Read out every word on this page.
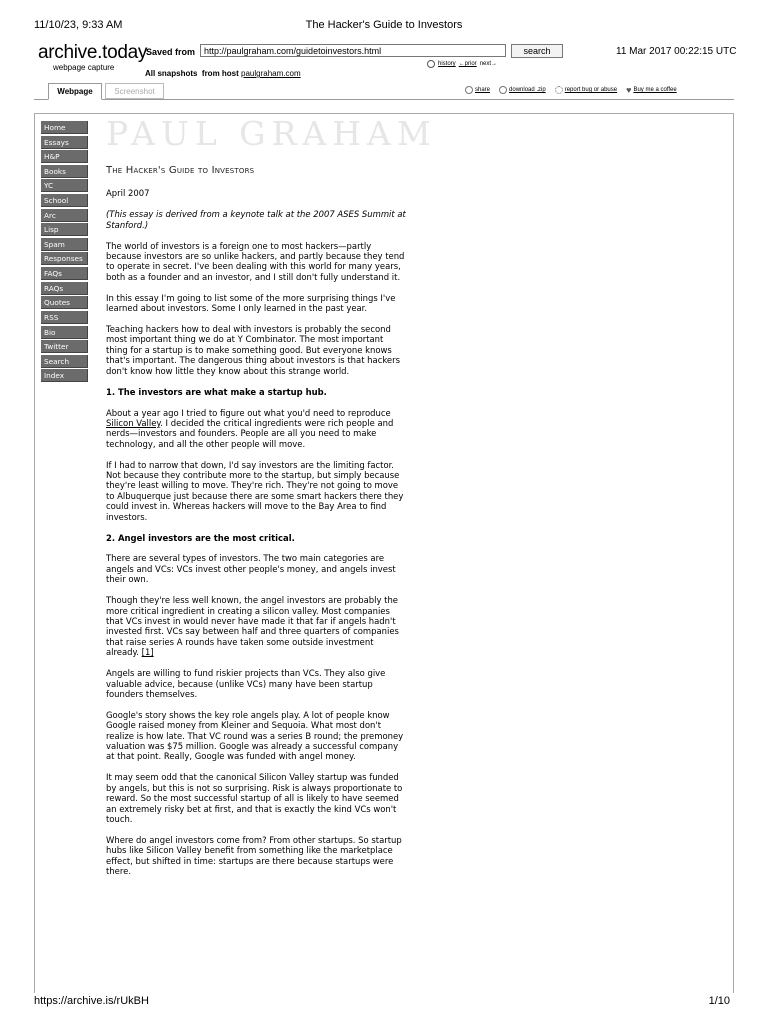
11/10/23, 9:33 AM	The Hacker's Guide to Investors
archive.today
webpage capture
Saved from
http://paulgraham.com/guidetoinvestors.html	search	11 Mar 2017 00:22:15 UTC
All snapshots from host paulgraham.com
history ←prior next→
Webpage	Screenshot	share	download .zip	report bug or abuse ♥ Buy me a coffee
Home
Essays
H&P
Books
YC
School
Arc
Lisp
Spam
Responses
FAQs
RAQs
Quotes
RSS
Bio
Twitter
Search
Index
PAUL GRAHAM
The Hacker's Guide to Investors

April 2007

(This essay is derived from a keynote talk at the 2007 ASES Summit at Stanford.)

The world of investors is a foreign one to most hackers—partly because investors are so unlike hackers, and partly because they tend to operate in secret. I've been dealing with this world for many years, both as a founder and an investor, and I still don't fully understand it.

In this essay I'm going to list some of the more surprising things I've learned about investors. Some I only learned in the past year.

Teaching hackers how to deal with investors is probably the second most important thing we do at Y Combinator. The most important thing for a startup is to make something good. But everyone knows that's important. The dangerous thing about investors is that hackers don't know how little they know about this strange world.

1. The investors are what make a startup hub.

About a year ago I tried to figure out what you'd need to reproduce Silicon Valley. I decided the critical ingredients were rich people and nerds—investors and founders. People are all you need to make technology, and all the other people will move.

If I had to narrow that down, I'd say investors are the limiting factor. Not because they contribute more to the startup, but simply because they're least willing to move. They're rich. They're not going to move to Albuquerque just because there are some smart hackers there they could invest in. Whereas hackers will move to the Bay Area to find investors.

2. Angel investors are the most critical.

There are several types of investors. The two main categories are angels and VCs: VCs invest other people's money, and angels invest their own.

Though they're less well known, the angel investors are probably the more critical ingredient in creating a silicon valley. Most companies that VCs invest in would never have made it that far if angels hadn't invested first. VCs say between half and three quarters of companies that raise series A rounds have taken some outside investment already. [1]

Angels are willing to fund riskier projects than VCs. They also give valuable advice, because (unlike VCs) many have been startup founders themselves.

Google's story shows the key role angels play. A lot of people know Google raised money from Kleiner and Sequoia. What most don't realize is how late. That VC round was a series B round; the premoney valuation was $75 million. Google was already a successful company at that point. Really, Google was funded with angel money.

It may seem odd that the canonical Silicon Valley startup was funded by angels, but this is not so surprising. Risk is always proportionate to reward. So the most successful startup of all is likely to have seemed an extremely risky bet at first, and that is exactly the kind VCs won't touch.

Where do angel investors come from? From other startups. So startup hubs like Silicon Valley benefit from something like the marketplace effect, but shifted in time: startups are there because startups were there.

https://archive.is/rUkBH	1/10
